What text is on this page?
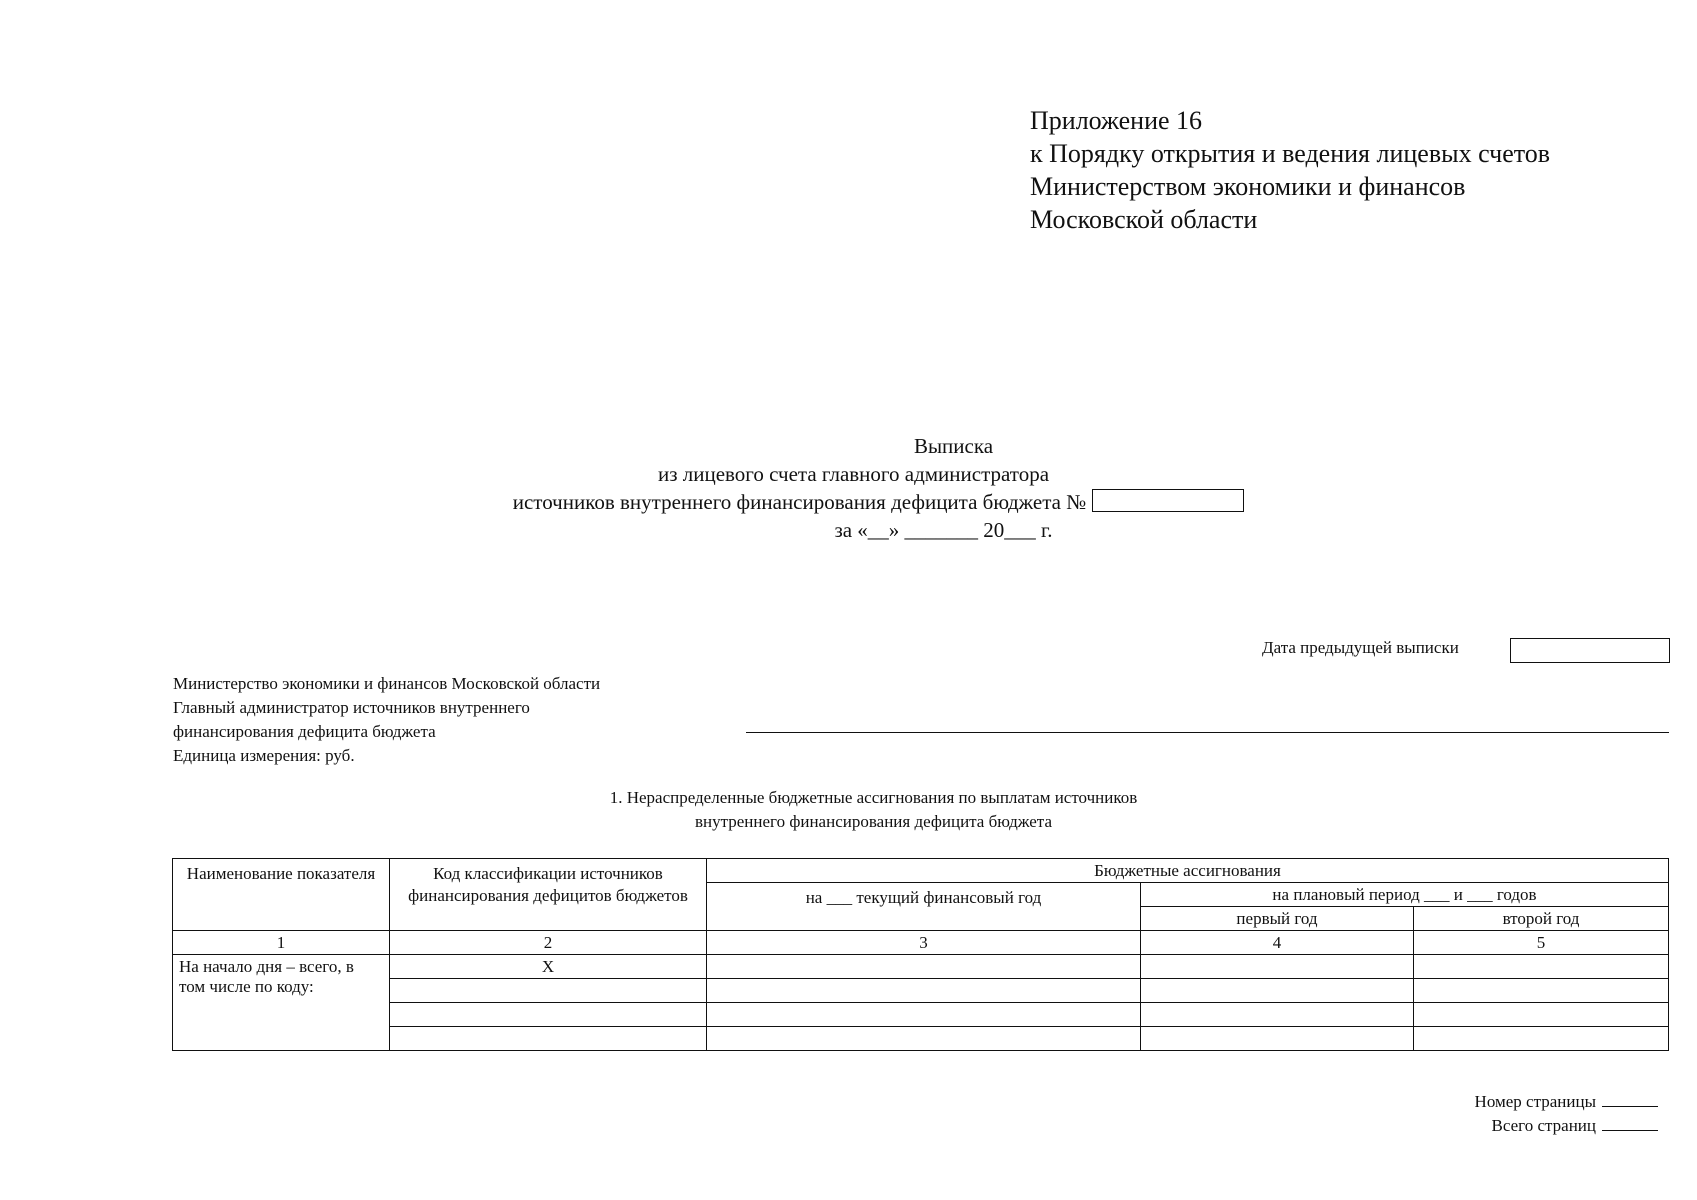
Приложение 16
к Порядку открытия и ведения лицевых счетов
Министерством экономики и финансов
Московской области
Выписка
из лицевого счета главного администратора
источников внутреннего финансирования дефицита бюджета №
за «__» _______ 20___ г.
Дата предыдущей выписки
Министерство экономики и финансов Московской области
Главный администратор источников внутреннего
финансирования дефицита бюджета
Единица измерения: руб.
1. Нераспределенные бюджетные ассигнования по выплатам источников
внутреннего финансирования дефицита бюджета
Наименование показателя	Код классификации источников финансирования дефицитов бюджетов	Бюджетные ассигнования		
		на ___ текущий финансовый год	на плановый период ___ и ___ годов	
			первый год	второй год
1	2	3	4	5
На начало дня – всего, в том числе по коду:	X			

Номер страницы
Всего страниц
